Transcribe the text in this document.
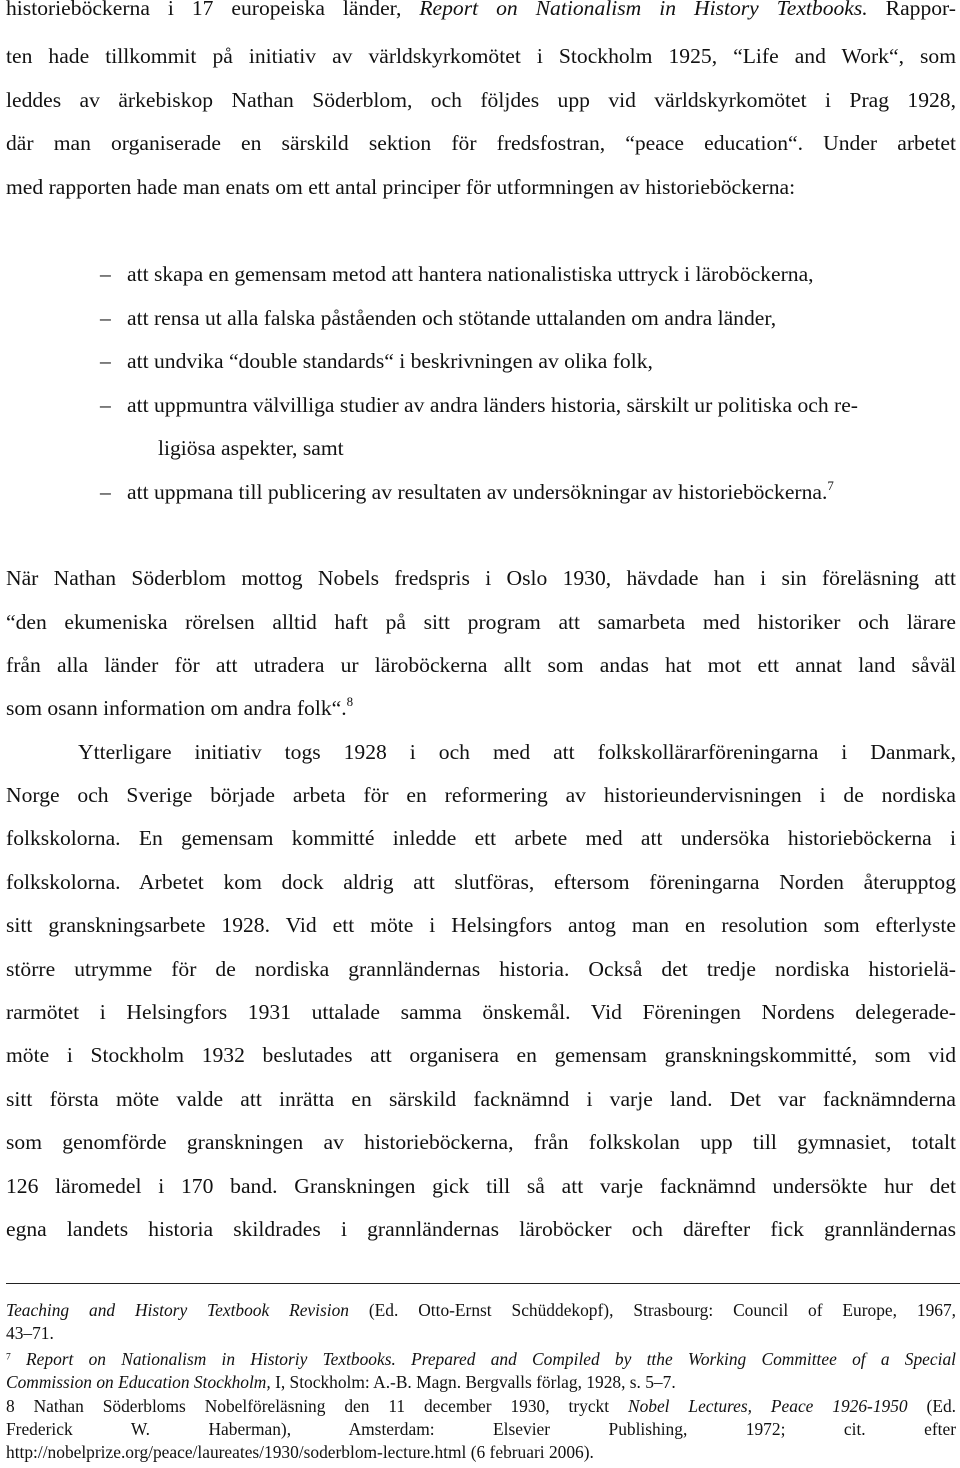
historieböckerna i 17 europeiska länder, Report on Nationalism in History Textbooks. Rappor-
ten hade tillkommit på initiativ av världskyrkomötet i Stockholm 1925, “Life and Work“, som
leddes av ärkebiskop Nathan Söderblom, och följdes upp vid världskyrkomötet i Prag 1928,
där man organiserade en särskild sektion för fredsfostran, “peace education“. Under arbetet
med rapporten hade man enats om ett antal principer för utformningen av historieböckerna:
– att skapa en gemensam metod att hantera nationalistiska uttryck i läroböckerna,
– att rensa ut alla falska påståenden och stötande uttalanden om andra länder,
– att undvika “double standards“ i beskrivningen av olika folk,
– att uppmuntra välvilliga studier av andra länders historia, särskilt ur politiska och re-
ligiösa aspekter, samt
– att uppmana till publicering av resultaten av undersökningar av historieböckerna.$^7$
När Nathan Söderblom mottog Nobels fredspris i Oslo 1930, hävdade han i sin föreläsning att
“den ekumeniska rörelsen alltid haft på sitt program att samarbeta med historiker och lärare
från alla länder för att utradera ur läroböckerna allt som andas hat mot ett annat land såväl
som osann information om andra folk“.$^8$
Ytterligare initiativ togs 1928 i och med att folkskollärarföreningarna i Danmark,
Norge och Sverige började arbeta för en reformering av historieundervisningen i de nordiska
folkskolorna. En gemensam kommitté inledde ett arbete med att undersöka historieböckerna i
folkskolorna. Arbetet kom dock aldrig att slutföras, eftersom föreningarna Norden återupptog
sitt granskningsarbete 1928. Vid ett möte i Helsingfors antog man en resolution som efterlyste
större utrymme för de nordiska grannländernas historia. Också det tredje nordiska historielä-
rarmötet i Helsingfors 1931 uttalade samma önskemål. Vid Föreningen Nordens delegerade-
möte i Stockholm 1932 beslutades att organisera en gemensam granskningskommitté, som vid
sitt första möte valde att inrätta en särskild facknämnd i varje land. Det var facknämnderna
som genomförde granskningen av historieböckerna, från folkskolan upp till gymnasiet, totalt
126 läromedel i 170 band. Granskningen gick till så att varje facknämnd undersökte hur det
egna landets historia skildrades i grannländernas läroböcker och därefter fick grannländernas
Teaching and History Textbook Revision (Ed. Otto-Ernst Schüddekopf), Strasbourg: Council of Europe, 1967,
43–71.
$^7$ Report on Nationalism in Historiy Textbooks. Prepared and Compiled by tthe Working Committee of a Special
Commission on Education Stockholm, I, Stockholm: A.-B. Magn. Bergvalls förlag, 1928, s. 5–7.
8 Nathan Söderbloms Nobelföreläsning den 11 december 1930, tryckt Nobel Lectures, Peace 1926-1950 (Ed.
Frederick W. Haberman), Amsterdam: Elsevier Publishing, 1972; cit. efter
http://nobelprize.org/peace/laureates/1930/soderblom-lecture.html (6 februari 2006).
